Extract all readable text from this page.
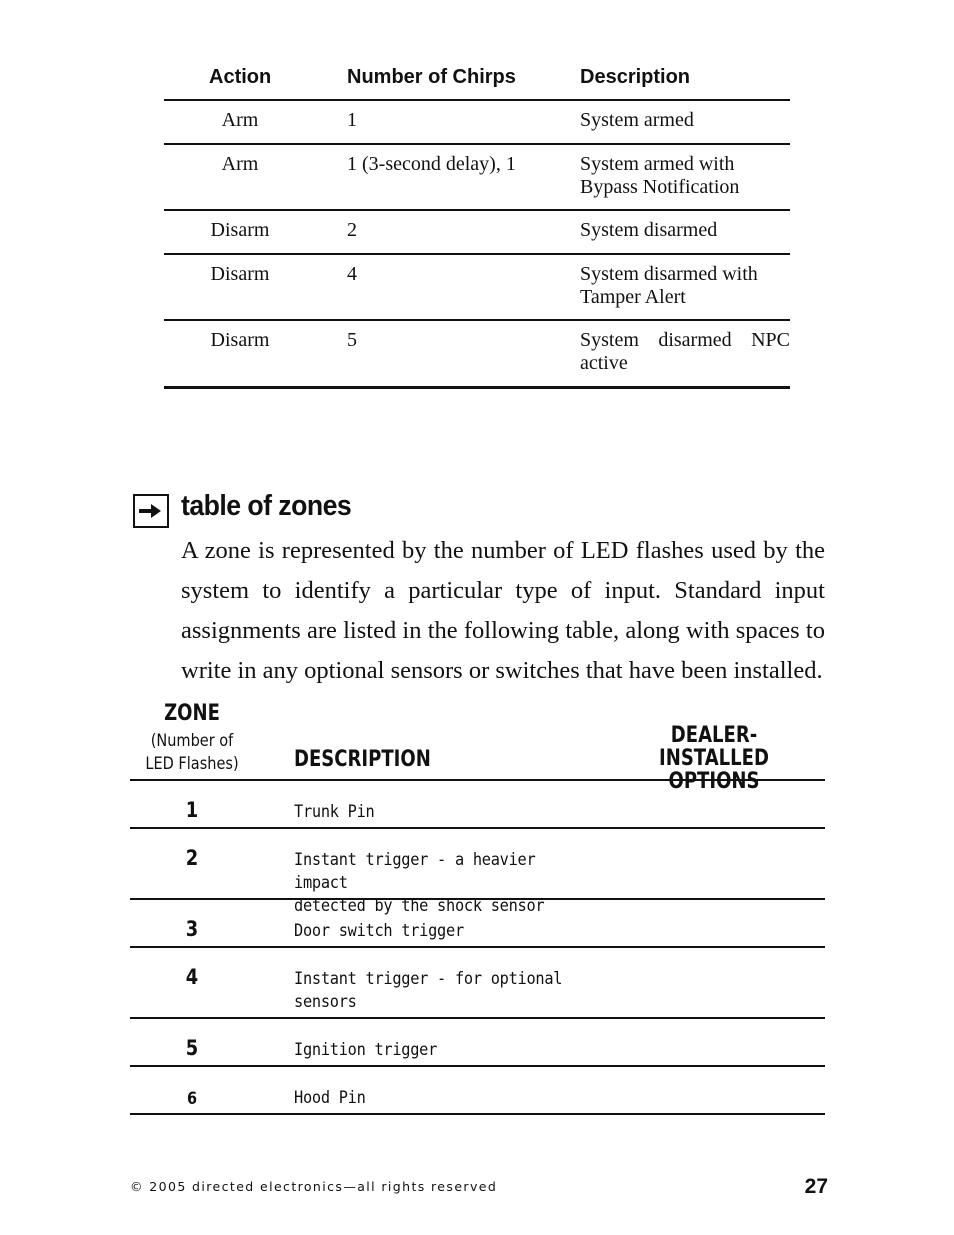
Action	Number of Chirps	Description
Arm	1	System armed
Arm	1 (3-second delay), 1	System armed with
Bypass Notification
Disarm	2	System disarmed
Disarm	4	System disarmed with
Tamper Alert
Disarm	5	System disarmed NPC
active
table of zones

A zone is represented by the number of LED flashes used by the system to identify a particular type of input. Standard input assignments are listed in the following table, along with spaces to write in any optional sensors or switches that have been installed.

ZONE
(Number of
LED Flashes)	DESCRIPTION
DEALER-INSTALLED
OPTIONS
1	Trunk Pin
2	Instant trigger - a heavier impact
detected by the shock sensor
3	Door switch trigger
4	Instant trigger - for optional
sensors
5	Ignition trigger
6	Hood Pin
© 2005 directed electronics—all rights reserved	27
